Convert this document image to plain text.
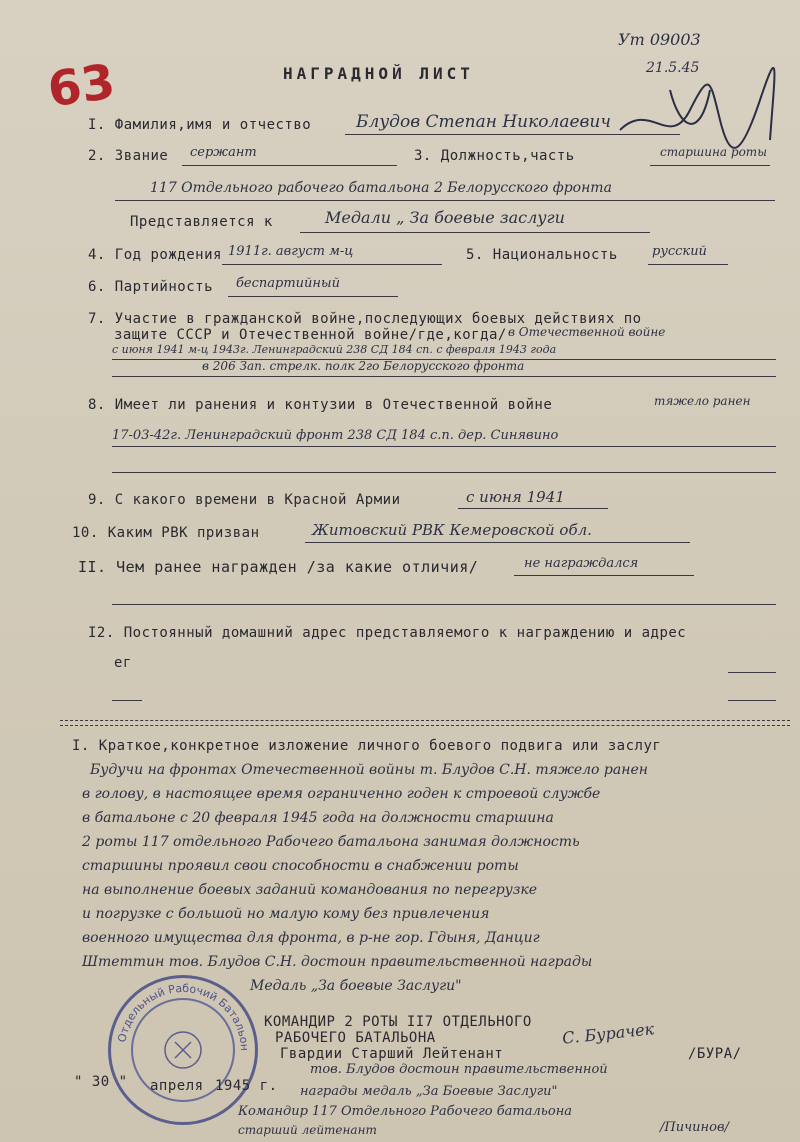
63
Ут 09003
21.5.45
НАГРАДНОЙ ЛИСТ
I. Фамилия,имя и отчество	Блудов Степан Николаевич
2. Звание сержант	3. Должность,часть	старшина роты
117 Отдельного рабочего батальона 2 Белорусского фронта
Представляется к	Медали „ За боевые заслуги
4. Год рождения 1911г. август м-ц	5. Национальность	русский
6. Партийность беспартийный
7. Участие в гражданской войне,последующих боевых действиях по
защите СССР и Отечественной войне/где,когда/ в Отечественной войне
с июня 1941 м-ц 1943г. Ленинградский 238 СД 184 сп. с февраля 1943 года
в 206 Зап. стрелк. полк 2го Белорусского фронта
8. Имеет ли ранения и контузии в Отечественной войне	тяжело ранен
17-03-42г. Ленинградский фронт 238 СД 184 с.п. дер. Синявино
9. С какого времени в Красной Армии	с июня 1941
10. Каким РВК призван	Житовский РВК Кемеровской обл.
II. Чем ранее награжден /за какие отличия/	не награждался
I2. Постоянный домашний адрес представляемого к награждению и адрес
ег
I. Краткое,конкретное изложение личного боевого подвига или заслуг
Будучи на фронтах Отечественной войны т. Блудов С.Н. тяжело ранен
в голову, в настоящее время ограниченно годен к строевой службе
в батальоне с 20 февраля 1945 года на должности старшина
2 роты 117 отдельного Рабочего батальона занимая должность
старшины проявил свои способности в снабжении роты
на выполнение боевых заданий командования по перегрузке
и погрузке с большой но малую кому без привлечения
военного имущества для фронта, в р-не гор. Гдыня, Данциг
Штеттин тов. Блудов С.Н. достоин правительственной награды
Медаль „За боевые Заслуги"
Отдельный Рабочий Батальон
КОМАНДИР 2 РОТЫ II7 ОТДЕЛЬНОГО
РАБОЧЕГО БАТАЛЬОНА
Гвардии Старший Лейтенант
С. Бурачек
/БУРА/
" 30 " апреля 1945 г.
тов. Блудов достоин правительственной
награды медаль „За Боевые Заслуги"
Командир 117 Отдельного Рабочего батальона
старший лейтенант	/Пичинов/
